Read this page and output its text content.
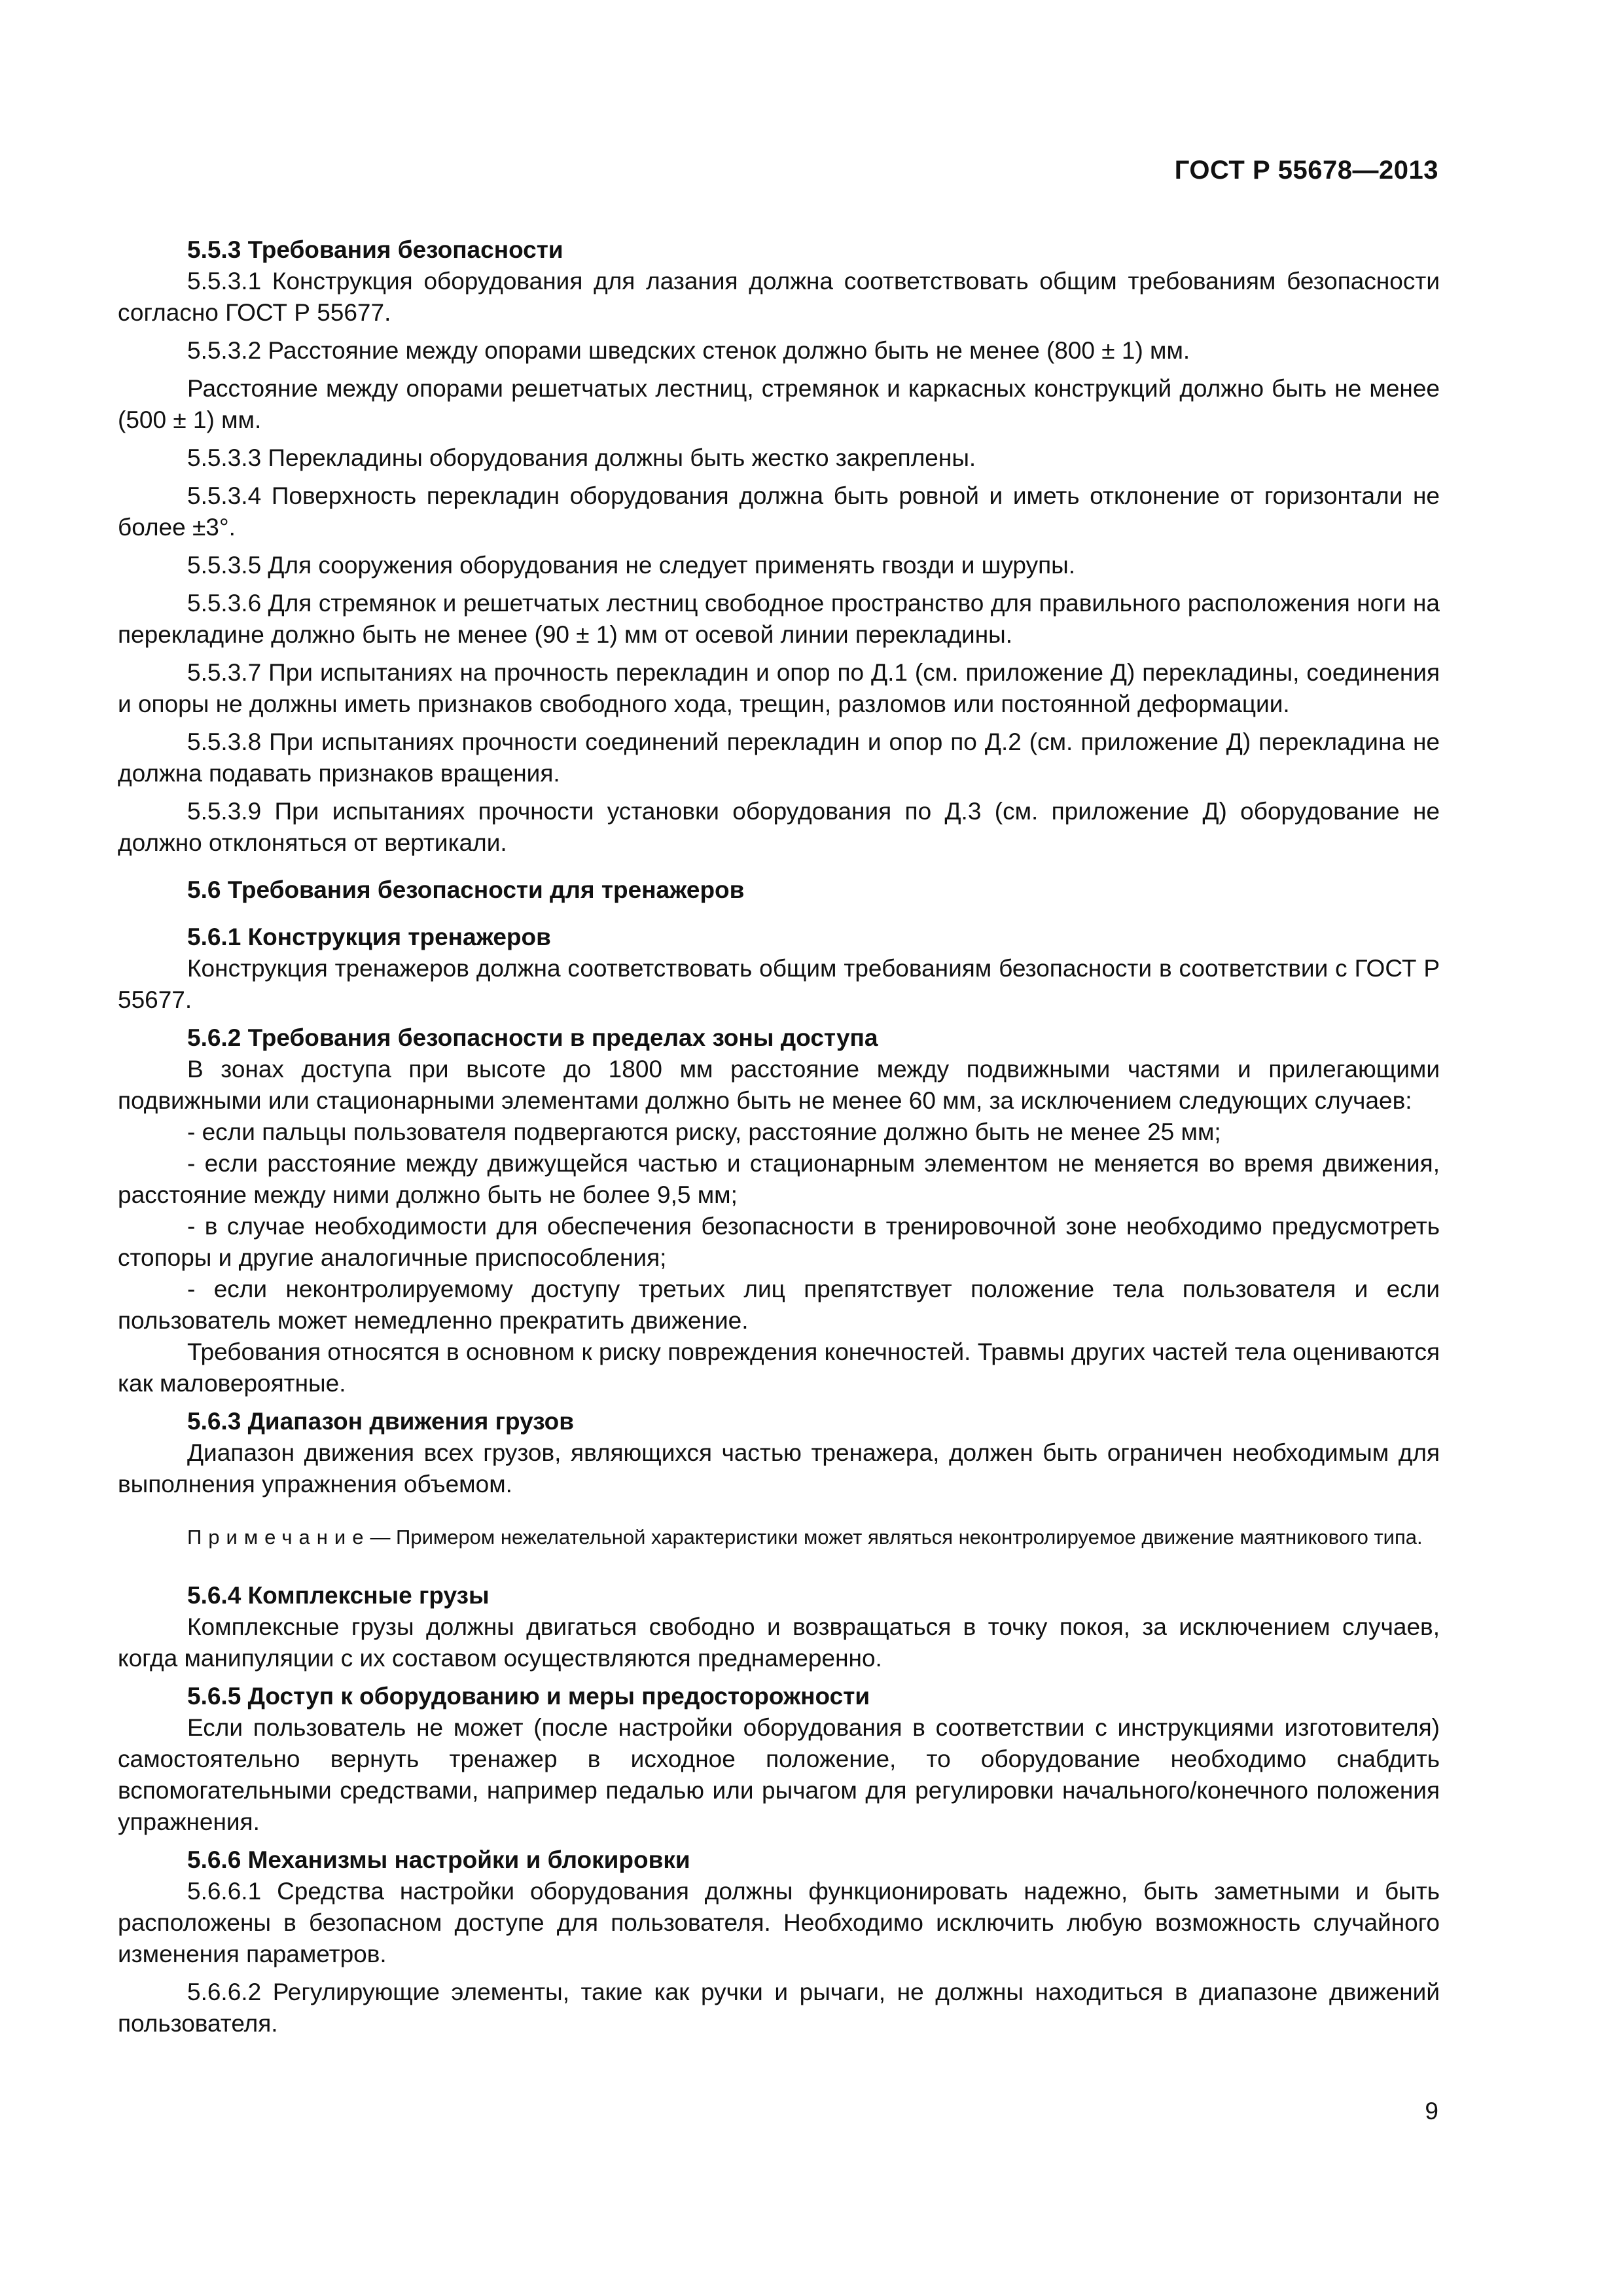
ГОСТ Р 55678—2013
5.5.3 Требования безопасности

5.5.3.1 Конструкция оборудования для лазания должна соответствовать общим требованиям безопасности согласно ГОСТ Р 55677.

5.5.3.2 Расстояние между опорами шведских стенок должно быть не менее (800 ± 1) мм.

Расстояние между опорами решетчатых лестниц, стремянок и каркасных конструкций должно быть не менее (500 ± 1) мм.

5.5.3.3 Перекладины оборудования должны быть жестко закреплены.

5.5.3.4 Поверхность перекладин оборудования должна быть ровной и иметь отклонение от горизонтали не более ±3°.

5.5.3.5 Для сооружения оборудования не следует применять гвозди и шурупы.

5.5.3.6 Для стремянок и решетчатых лестниц свободное пространство для правильного расположения ноги на перекладине должно быть не менее (90 ± 1) мм от осевой линии перекладины.

5.5.3.7 При испытаниях на прочность перекладин и опор по Д.1 (см. приложение Д) перекладины, соединения и опоры не должны иметь признаков свободного хода, трещин, разломов или постоянной деформации.

5.5.3.8 При испытаниях прочности соединений перекладин и опор по Д.2 (см. приложение Д) перекладина не должна подавать признаков вращения.

5.5.3.9 При испытаниях прочности установки оборудования по Д.3 (см. приложение Д) оборудование не должно отклоняться от вертикали.

5.6 Требования безопасности для тренажеров
5.6.1 Конструкция тренажеров

Конструкция тренажеров должна соответствовать общим требованиям безопасности в соответствии с ГОСТ Р 55677.

5.6.2 Требования безопасности в пределах зоны доступа

В зонах доступа при высоте до 1800 мм расстояние между подвижными частями и прилегающими подвижными или стационарными элементами должно быть не менее 60 мм, за исключением следующих случаев:

- если пальцы пользователя подвергаются риску, расстояние должно быть не менее 25 мм;

- если расстояние между движущейся частью и стационарным элементом не меняется во время движения, расстояние между ними должно быть не более 9,5 мм;

- в случае необходимости для обеспечения безопасности в тренировочной зоне необходимо предусмотреть стопоры и другие аналогичные приспособления;

- если неконтролируемому доступу третьих лиц препятствует положение тела пользователя и если пользователь может немедленно прекратить движение.

Требования относятся в основном к риску повреждения конечностей. Травмы других частей тела оцениваются как маловероятные.

5.6.3 Диапазон движения грузов

Диапазон движения всех грузов, являющихся частью тренажера, должен быть ограничен необходимым для выполнения упражнения объемом.

Примечание— Примером нежелательной характеристики может являться неконтролируемое движение маятникового типа.

5.6.4 Комплексные грузы

Комплексные грузы должны двигаться свободно и возвращаться в точку покоя, за исключением случаев, когда манипуляции с их составом осуществляются преднамеренно.

5.6.5 Доступ к оборудованию и меры предосторожности

Если пользователь не может (после настройки оборудования в соответствии с инструкциями изготовителя) самостоятельно вернуть тренажер в исходное положение, то оборудование необходимо снабдить вспомогательными средствами, например педалью или рычагом для регулировки начального/конечного положения упражнения.

5.6.6 Механизмы настройки и блокировки

5.6.6.1 Средства настройки оборудования должны функционировать надежно, быть заметными и быть расположены в безопасном доступе для пользователя. Необходимо исключить любую возможность случайного изменения параметров.

5.6.6.2 Регулирующие элементы, такие как ручки и рычаги, не должны находиться в диапазоне движений пользователя.

9
